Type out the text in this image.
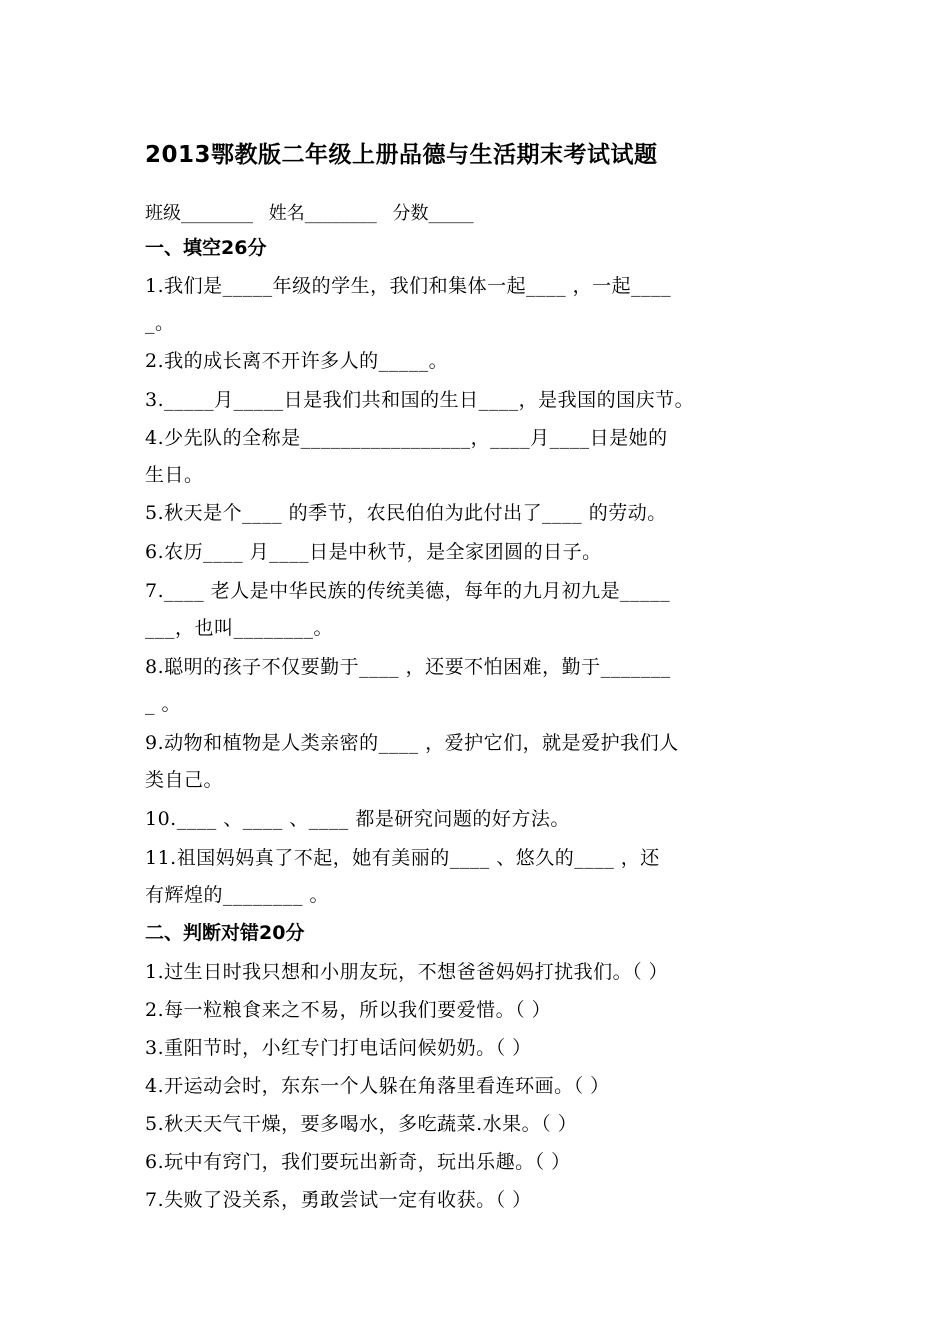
2013鄂教版二年级上册品德与生活期末考试试题
班级________ 姓名________ 分数_____
一、填空26分
1.我们是_____年级的学生，我们和集体一起____ ，一起____
_。
2.我的成长离不开许多人的_____。
3._____月_____日是我们共和国的生日____，是我国的国庆节。
4.少先队的全称是_________________，____月____日是她的
生日。
5.秋天是个____ 的季节，农民伯伯为此付出了____ 的劳动。
6.农历____ 月____日是中秋节，是全家团圆的日子。
7.____ 老人是中华民族的传统美德，每年的九月初九是_____
___，也叫________。
8.聪明的孩子不仅要勤于____ ，还要不怕困难，勤于_______
_ 。
9.动物和植物是人类亲密的____ ，爱护它们，就是爱护我们人
类自己。
10.____ 、____ 、____ 都是研究问题的好方法。
11.祖国妈妈真了不起，她有美丽的____ 、悠久的____ ，还
有辉煌的________ 。
二、判断对错20分
1.过生日时我只想和小朋友玩，不想爸爸妈妈打扰我们。（ ）
2.每一粒粮食来之不易，所以我们要爱惜。（ ）
3.重阳节时，小红专门打电话问候奶奶。（ ）
4.开运动会时，东东一个人躲在角落里看连环画。（ ）
5.秋天天气干燥，要多喝水，多吃蔬菜.水果。（ ）
6.玩中有窍门，我们要玩出新奇，玩出乐趣。（ ）
7.失败了没关系，勇敢尝试一定有收获。（ ）
